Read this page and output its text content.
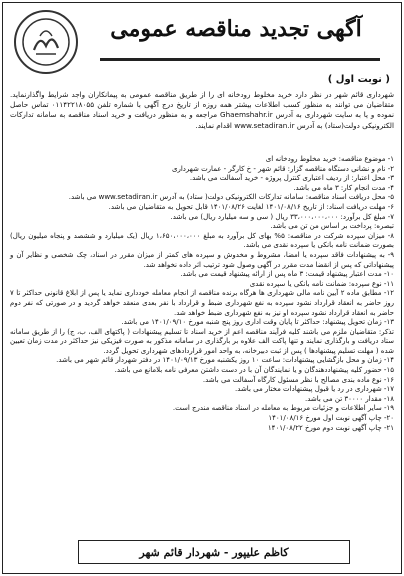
آگهی تجدید مناقصه عمومی
( نوبت اول )
شهرداری قائم شهر در نظر دارد خرید مخلوط رودخانه ای را از طریق مناقصه عمومی به پیمانکاران واجد شرایط واگذارنماید. متقاضیان می توانند به منظور کسب اطلاعات بیشتر همه روزه از تاریخ درج آگهی با شماره تلفن ۰۱۱۴۲۲۱۸۰۵۵ تماس حاصل نموده و یا به سایت شهرداری به آدرس Ghaemshahr.ir مراجعه و به منظور دریافت و خرید اسناد مناقصه به سامانه تدارکات الکترونیکی دولت(ستاد) به آدرس www.setadiran.ir اقدام نمایند.

۱- موضوع مناقصه: خرید مخلوط رودخانه ای

۲- نام و نشانی دستگاه مناقصه گزار: قائم شهر - خ کارگر - عمارت شهرداری

۳- محل اعتبار: از ردیف اعتباری کنترل پروژه - خرید آسفالت می باشد.

۴- مدت انجام کار: ۳ ماه می باشد.

۵- محل دریافت اسناد مناقصه: سامانه تدارکات الکترونیکی دولت( ستاد) به آدرس www.setadiran.ir می باشد.

۶- مهلت دریافت اسناد: از تاریخ ۱۴۰۱/۰۸/۱۶ لغایت ۱۴۰۱/۰۸/۲۶ قابل تحویل به متقاضیان می باشد.

۷- مبلغ کل برآورد: ۳۳،۰۰۰،۰۰۰،۰۰۰ ریال ( سی و سه میلیارد ریال) می باشد.

تبصره: پرداخت بر اساس من تن می باشد.

۸- میزان سپرده شرکت در مناقصه: ۵% بهای کل برآورد به مبلغ ۱،۶۵۰،۰۰۰،۰۰۰ ریال (یک میلیارد و ششصد و پنجاه میلیون ریال) بصورت ضمانت نامه بانکی یا سپرده نقدی می باشد.

۹- به پیشنهادات فاقد سپرده یا امضا، مشروط و مخدوش و سپرده های کمتر از میزان مقرر در اسناد، چک شخصی و نظایر آن و پیشنهاداتی که پس از انقضا مدت مقرر در آگهی وصول شود ترتیب اثر داده نخواهد شد.

۱۰- مدت اعتبار پیشنهاد قیمت: ۳ ماه پس از ارائه پیشنهاد قیمت می باشد.

۱۱- نوع سپرده: ضمانت نامه بانکی یا سپرده نقدی

۱۲- مطابق ماده ۲ آیین نامه مالی شهرداری ها هرگاه برنده مناقصه از انجام معامله خودداری نماید یا پس از ابلاغ قانونی حداکثر تا ۷ روز حاضر به انعقاد قرارداد نشود سپرده به نفع شهرداری ضبط و قرارداد با نفر بعدی منعقد خواهد گردید و در صورتی که نفر دوم حاضر به انعقاد قرارداد نشود سپرده او نیز به نفع شهرداری ضبط خواهد شد.

۱۳- زمان تحویل پیشنهاد: حداکثر تا پایان وقت اداری روز پنج شنبه مورخ ۱۴۰۱/۰۹/۱۰ می باشد.

تذکر: متقاضیان ملزم می باشند کلیه فرآیند مناقصه اعم از خرید اسناد تا تسلیم پیشنهادات ( پاکتهای الف، ب، ج) را از طریق سامانه ستاد دریافت و بارگذاری نمایند و تنها پاکت الف علاوه بر بارگذاری در سامانه مذکور به صورت فیزیکی نیز حداکثر در مدت زمان تعیین شده ( مهلت تسلیم پیشنهادها ) پس از ثبت دبیرخانه، به واحد امور قراردادهای شهرداری تحویل گردد.

۱۴- زمان و محل بازگشایی پیشنهادات: ساعت ۱۰ روز یکشنبه مورخ ۱۴۰۱/۰۹/۱۳ در دفتر شهردار قائم شهر می باشد.

۱۵- حضور کلیه پیشنهاددهندگان و یا نمایندگان آن با در دست داشتن معرفی نامه بلامانع می باشد.

۱۶- نوع ماده بندی مصالح با نظر مسئول کارگاه آسفالت می باشد.

۱۷- شهرداری در رد یا قبول پیشنهادات مختار می باشد.

۱۸- مقدار ۳۰۰۰۰ تن می باشد.

۱۹- سایر اطلاعات و جزئیات مربوط به معامله در اسناد مناقصه مندرج است.

۲۰- چاپ آگهی نوبت اول مورخ ۱۴۰۱/۰۸/۱۶

۲۱- چاپ آگهی نوبت دوم مورخ ۱۴۰۱/۰۸/۲۲

کاظم علیپور - شهردار قائم شهر
